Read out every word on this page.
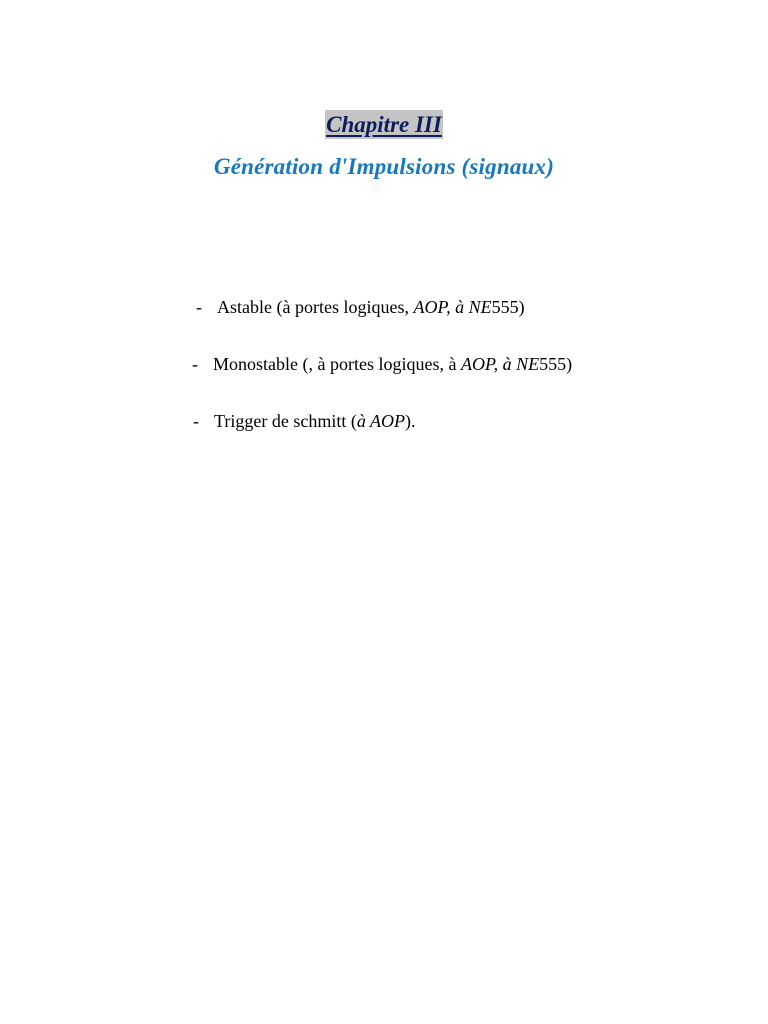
Chapitre III
Génération d'Impulsions (signaux)
- Astable (à portes logiques, AOP, à NE555)
- Monostable (, à portes logiques, à AOP, à NE555)
- Trigger de schmitt (à AOP).
